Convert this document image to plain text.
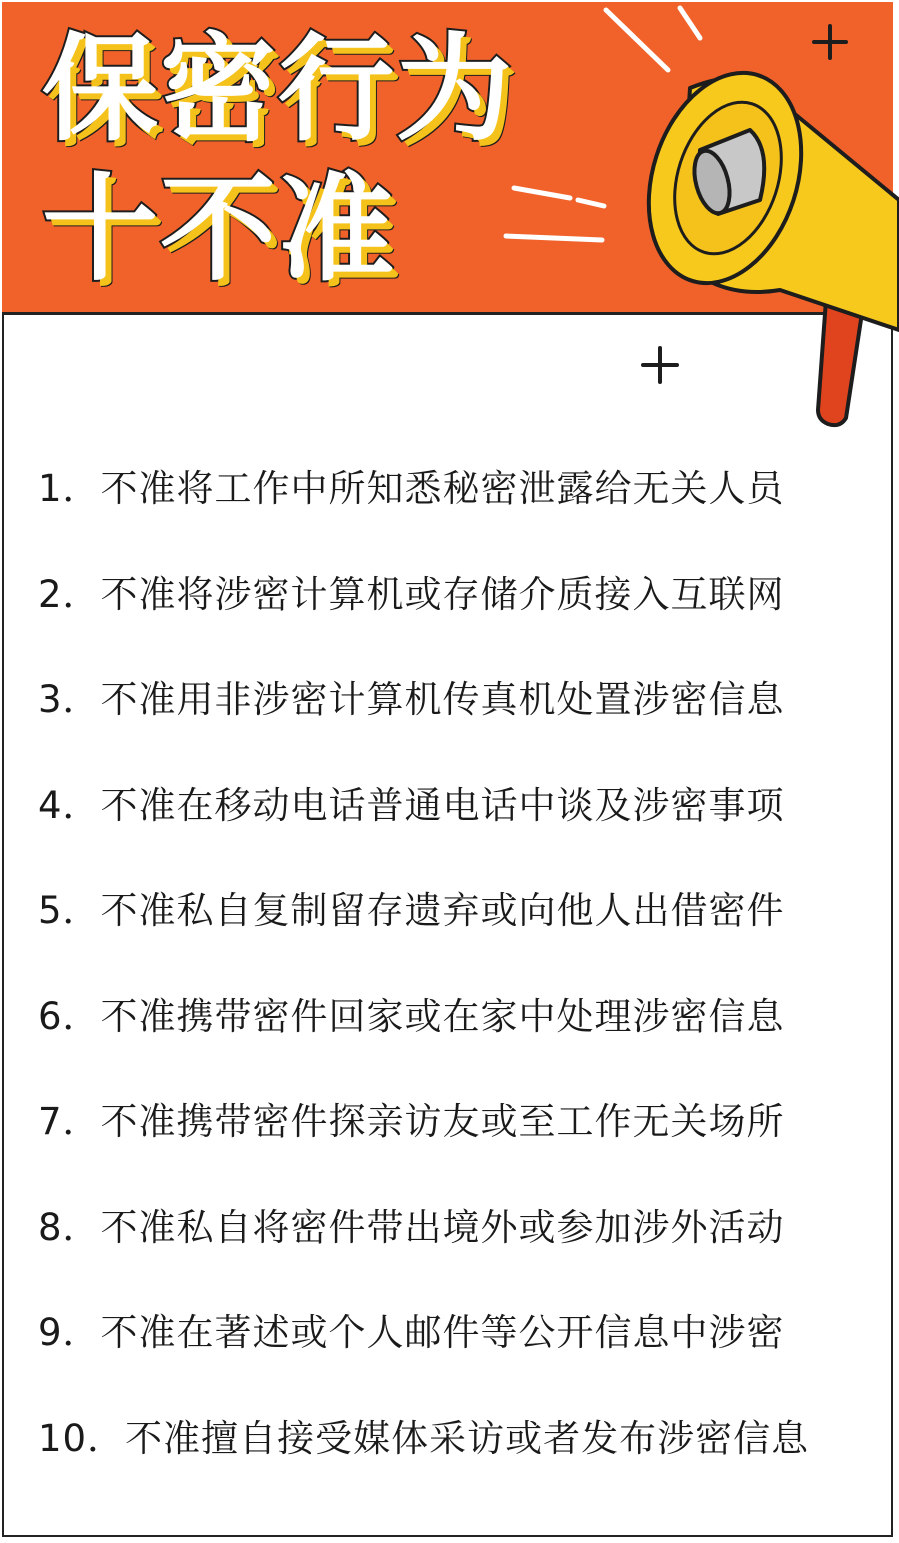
保密行为
十不准
1． 不准将工作中所知悉秘密泄露给无关人员
2． 不准将涉密计算机或存储介质接入互联网
3． 不准用非涉密计算机传真机处置涉密信息
4． 不准在移动电话普通电话中谈及涉密事项
5． 不准私自复制留存遗弃或向他人出借密件
6． 不准携带密件回家或在家中处理涉密信息
7． 不准携带密件探亲访友或至工作无关场所
8． 不准私自将密件带出境外或参加涉外活动
9． 不准在著述或个人邮件等公开信息中涉密
10． 不准擅自接受媒体采访或者发布涉密信息
